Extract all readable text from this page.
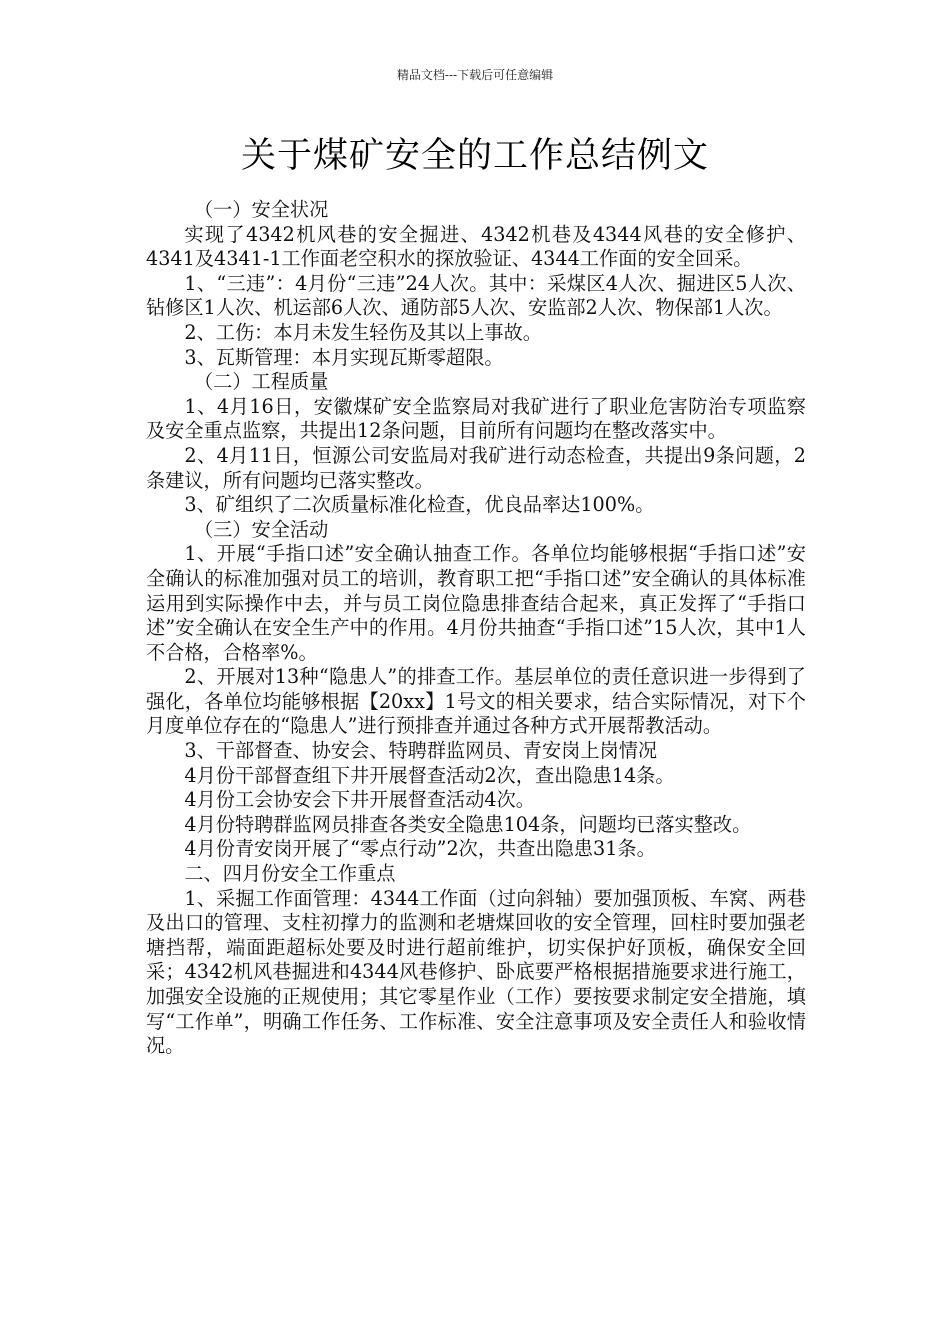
精品文档---下载后可任意编辑
关于煤矿安全的工作总结例文

（一）安全状况

实现了4342机风巷的安全掘进、4342机巷及4344风巷的安全修护、4341及4341-1工作面老空积水的探放验证、4344工作面的安全回采。

1、“三违”：4月份“三违”24人次。其中：采煤区4人次、掘进区5人次、钻修区1人次、机运部6人次、通防部5人次、安监部2人次、物保部1人次。

2、工伤：本月未发生轻伤及其以上事故。

3、瓦斯管理：本月实现瓦斯零超限。

（二）工程质量

1、4月16日，安徽煤矿安全监察局对我矿进行了职业危害防治专项监察及安全重点监察，共提出12条问题，目前所有问题均在整改落实中。

2、4月11日，恒源公司安监局对我矿进行动态检查，共提出9条问题，2条建议，所有问题均已落实整改。

3、矿组织了二次质量标准化检查，优良品率达100%。

（三）安全活动

1、开展“手指口述”安全确认抽查工作。各单位均能够根据“手指口述”安全确认的标准加强对员工的培训，教育职工把“手指口述”安全确认的具体标准运用到实际操作中去，并与员工岗位隐患排查结合起来，真正发挥了“手指口述”安全确认在安全生产中的作用。4月份共抽查“手指口述”15人次，其中1人不合格，合格率%。

2、开展对13种“隐患人”的排查工作。基层单位的责任意识进一步得到了强化，各单位均能够根据【20xx】1号文的相关要求，结合实际情况，对下个月度单位存在的“隐患人”进行预排查并通过各种方式开展帮教活动。

3、干部督查、协安会、特聘群监网员、青安岗上岗情况

4月份干部督查组下井开展督查活动2次，查出隐患14条。

4月份工会协安会下井开展督查活动4次。

4月份特聘群监网员排查各类安全隐患104条，问题均已落实整改。

4月份青安岗开展了“零点行动”2次，共查出隐患31条。

二、四月份安全工作重点

1、采掘工作面管理：4344工作面（过向斜轴）要加强顶板、车窝、两巷及出口的管理、支柱初撑力的监测和老塘煤回收的安全管理，回柱时要加强老塘挡帮，端面距超标处要及时进行超前维护，切实保护好顶板，确保安全回采；4342机风巷掘进和4344风巷修护、卧底要严格根据措施要求进行施工，加强安全设施的正规使用；其它零星作业（工作）要按要求制定安全措施，填写“工作单”，明确工作任务、工作标准、安全注意事项及安全责任人和验收情况。
